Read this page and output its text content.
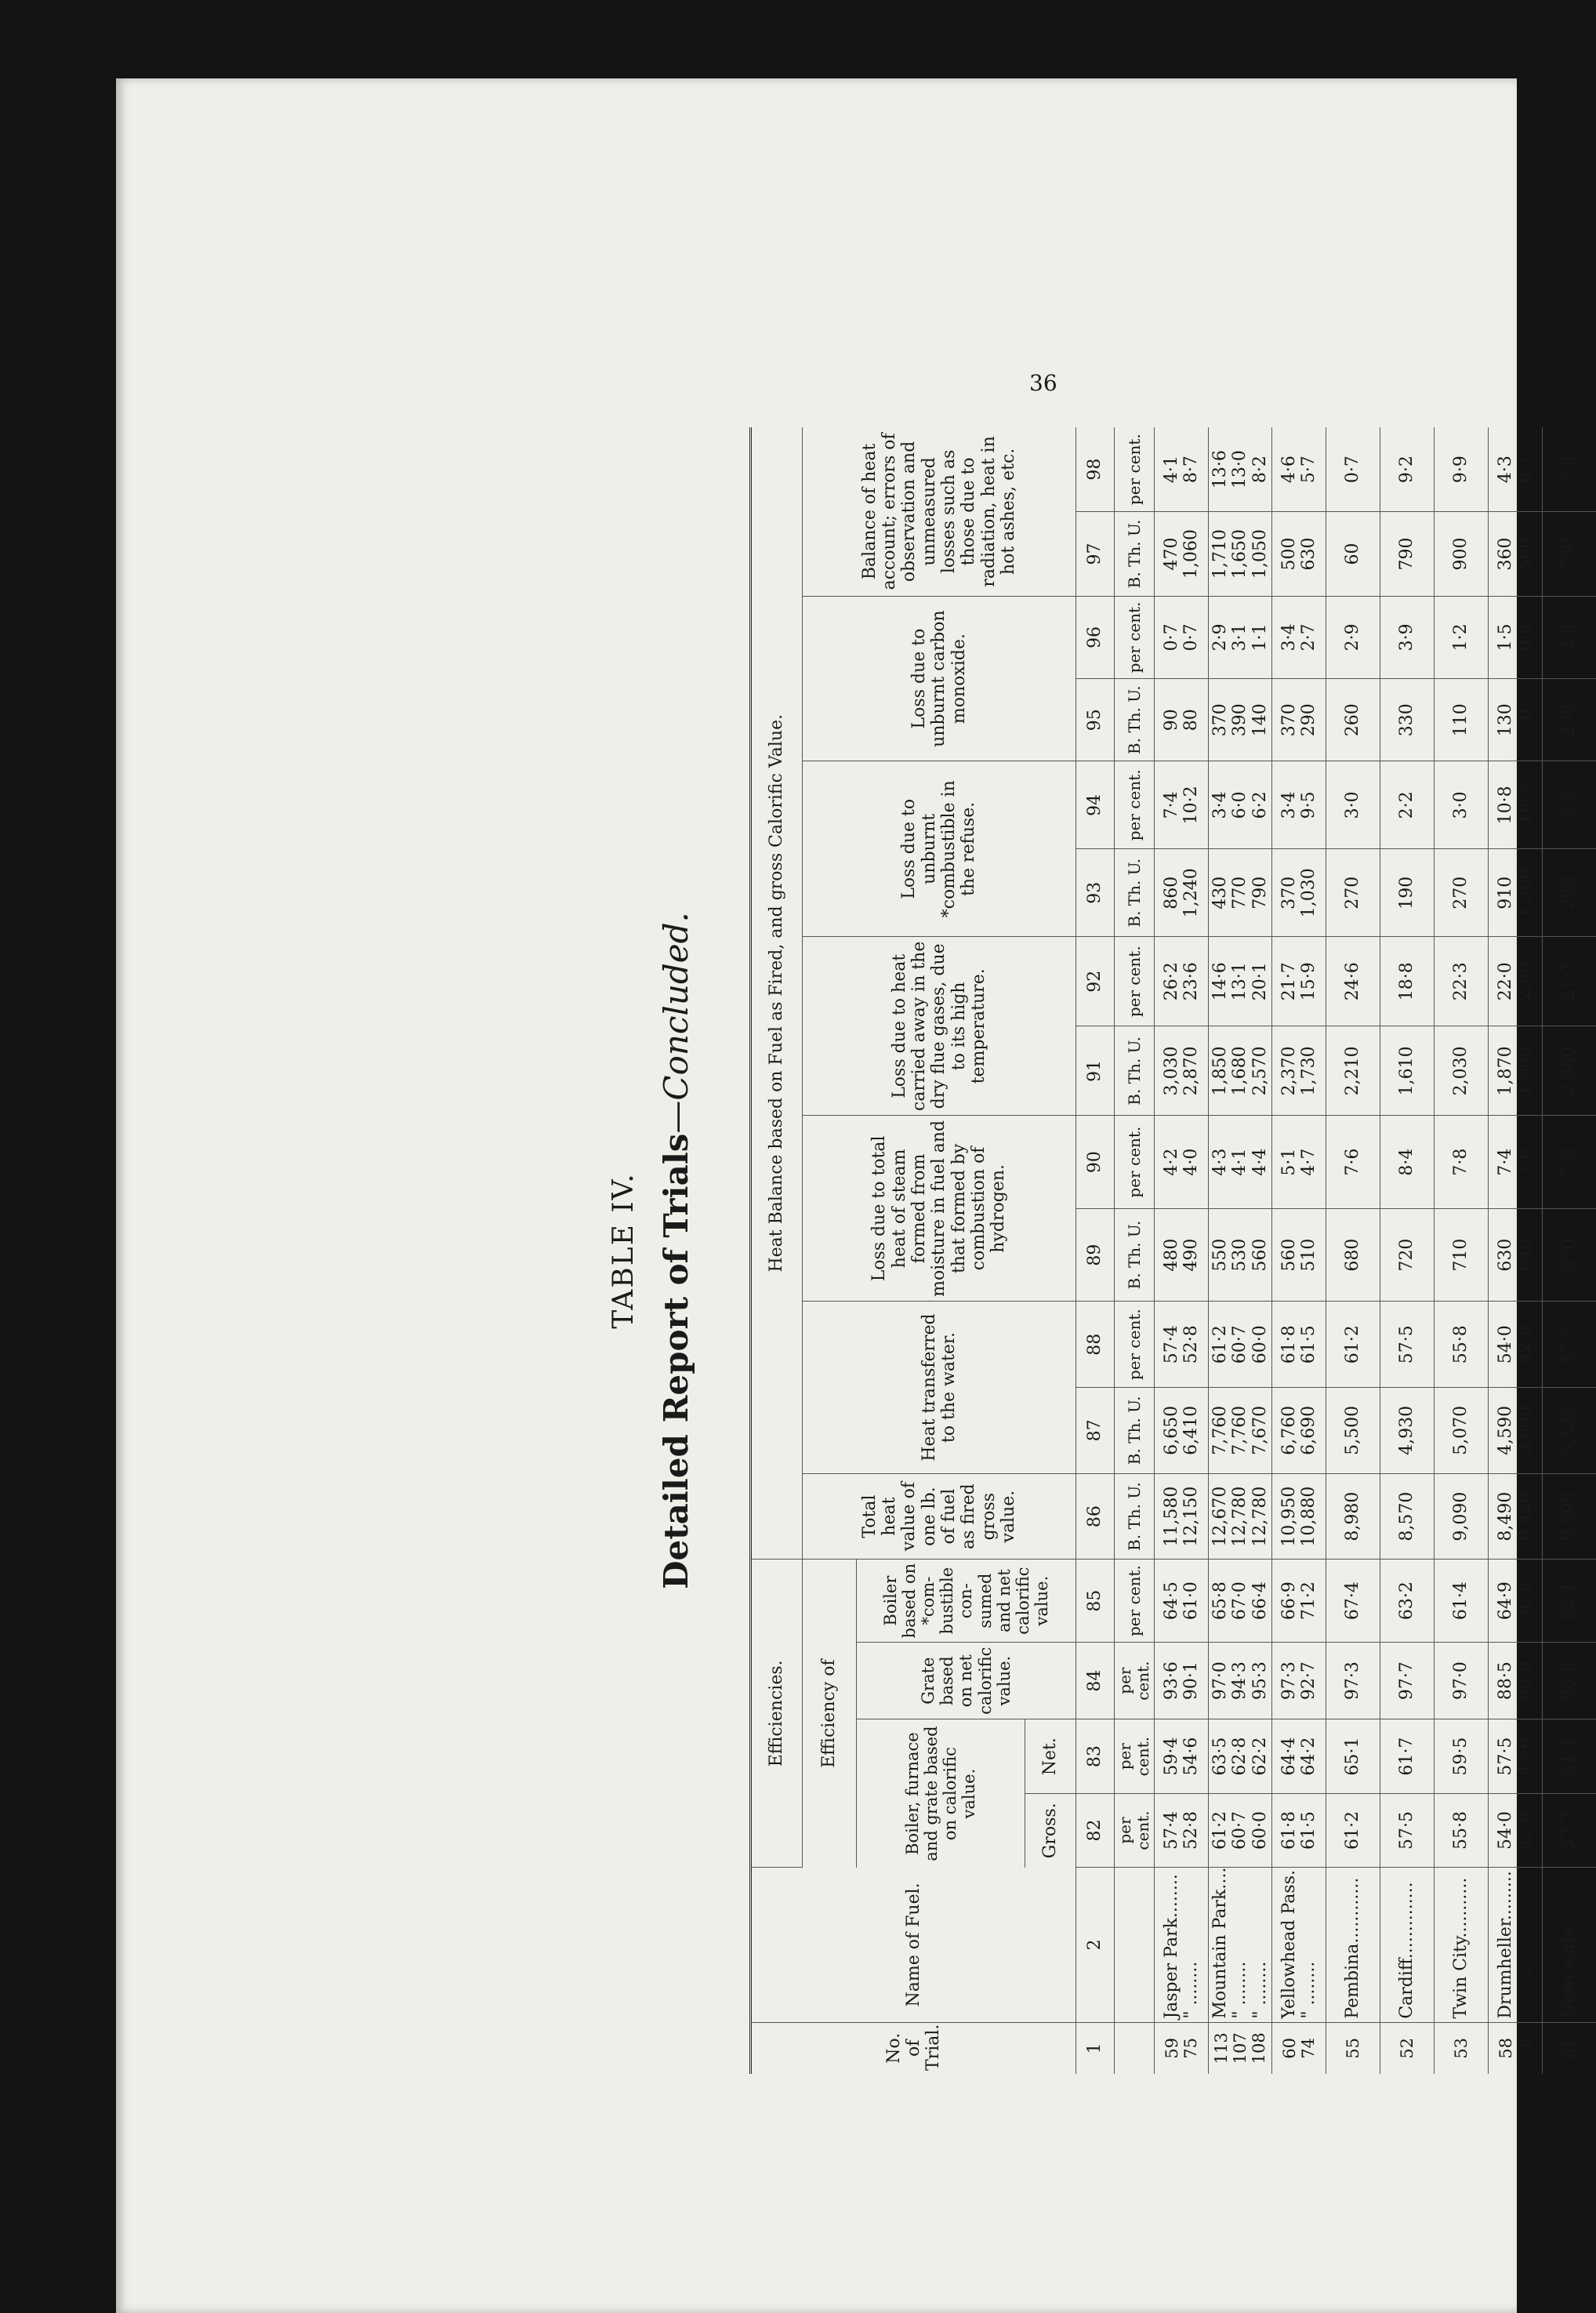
36
TABLE IV. Detailed Report of Trials—Concluded.
No. of Trial.	Name of Fuel.	Efficiencies.				Heat Balance based on Fuel as Fired, and gross Calorific Value.												
		Efficiency of				Total heat value of one lb. of fuel as fired gross value.	Heat transferred to the water.		Loss due to total heat of steam formed from moisture in fuel and that formed by combustion of hydrogen.		Loss due to heat carried away in the dry flue gases, due to its high temperature.		Loss due to unburnt *combustible in the refuse.		Loss due to unburnt carbon monoxide.		Balance of heat account; errors of observation and unmeasured losses such as those due to radiation, heat in hot ashes, etc.	
		Boiler, furnace and grate based on calorific value.		Grate based on net calorific value.	Boiler based on *com-bustible con-sumed and net calorific value.													
		Gross.	Net.															
1	2	82	83	84	85	86	87	88	89	90	91	92	93	94	95	96	97	98
		per cent.	per cent.	per cent.	per cent.	B. Th. U.	B. Th. U.	per cent.	B. Th. U.	per cent.	B. Th. U.	per cent.	B. Th. U.	per cent.	B. Th. U.	per cent.	B. Th. U.	per cent.

59 75	Jasper Park........ " ........	57·4 52·8	59·4 54·6	93·6 90·1	64·5 61·0	11,580 12,150	6,650 6,410	57·4 52·8	480 490	4·2 4·0	3,030 2,870	26·2 23·6	860 1,240	7·4 10·2	90 80	0·7 0·7	470 1,060	4·1 8·7

113 107 108	Mountain Park.... " ........ " ........	61·2 60·7 60·0	63·5 62·8 62·2	97·0 94·3 95·3	65·8 67·0 66·4	12,670 12,780 12,780	7,760 7,760 7,670	61·2 60·7 60·0	550 530 560	4·3 4·1 4·4	1,850 1,680 2,570	14·6 13·1 20·1	430 770 790	3·4 6·0 6·2	370 390 140	2·9 3·1 1·1	1,710 1,650 1,050	13·6 13·0 8·2

60 74	Yellowhead Pass. " ........	61·8 61·5	64·4 64·2	97·3 92·7	66·9 71·2	10,950 10,880	6,760 6,690	61·8 61·5	560 510	5·1 4·7	2,370 1,730	21·7 15·9	370 1,030	3·4 9·5	370 290	3·4 2·7	500 630	4·6 5·7

55	Pembina............	61·2	65·1	97·3	67·4	8,980	5,500	61·2	680	7·6	2,210	24·6	270	3·0	260	2·9	60	0·7

52	Cardiff..............	57·5	61·7	97·7	63·2	8,570	4,930	57·5	720	8·4	1,610	18·8	190	2·2	330	3·9	790	9·2

53	Twin City...........	55·8	59·5	97·0	61·4	9,090	5,070	55·8	710	7·8	2,030	22·3	270	3·0	110	1·2	900	9·9

58 76	Drumheller......... " ........	54·0 42·8	57·5 45·6	88·5 80·9	64·9 56·8	8,490 8,420	4,590 3,600	54·0 42·8	630 640	7·4 7·6	1,870 1,990	22·0 23·6	910 1,560	10·8 18·5	130 70	1·5 0·8	360 560	4·3 6·7

61	Newcastle...........	57·7	61·1	96·8	63·1	9,590	5,530	57·7	670	7·0	2,080	21·7	290	3·0	270	2·8	750	7·8
